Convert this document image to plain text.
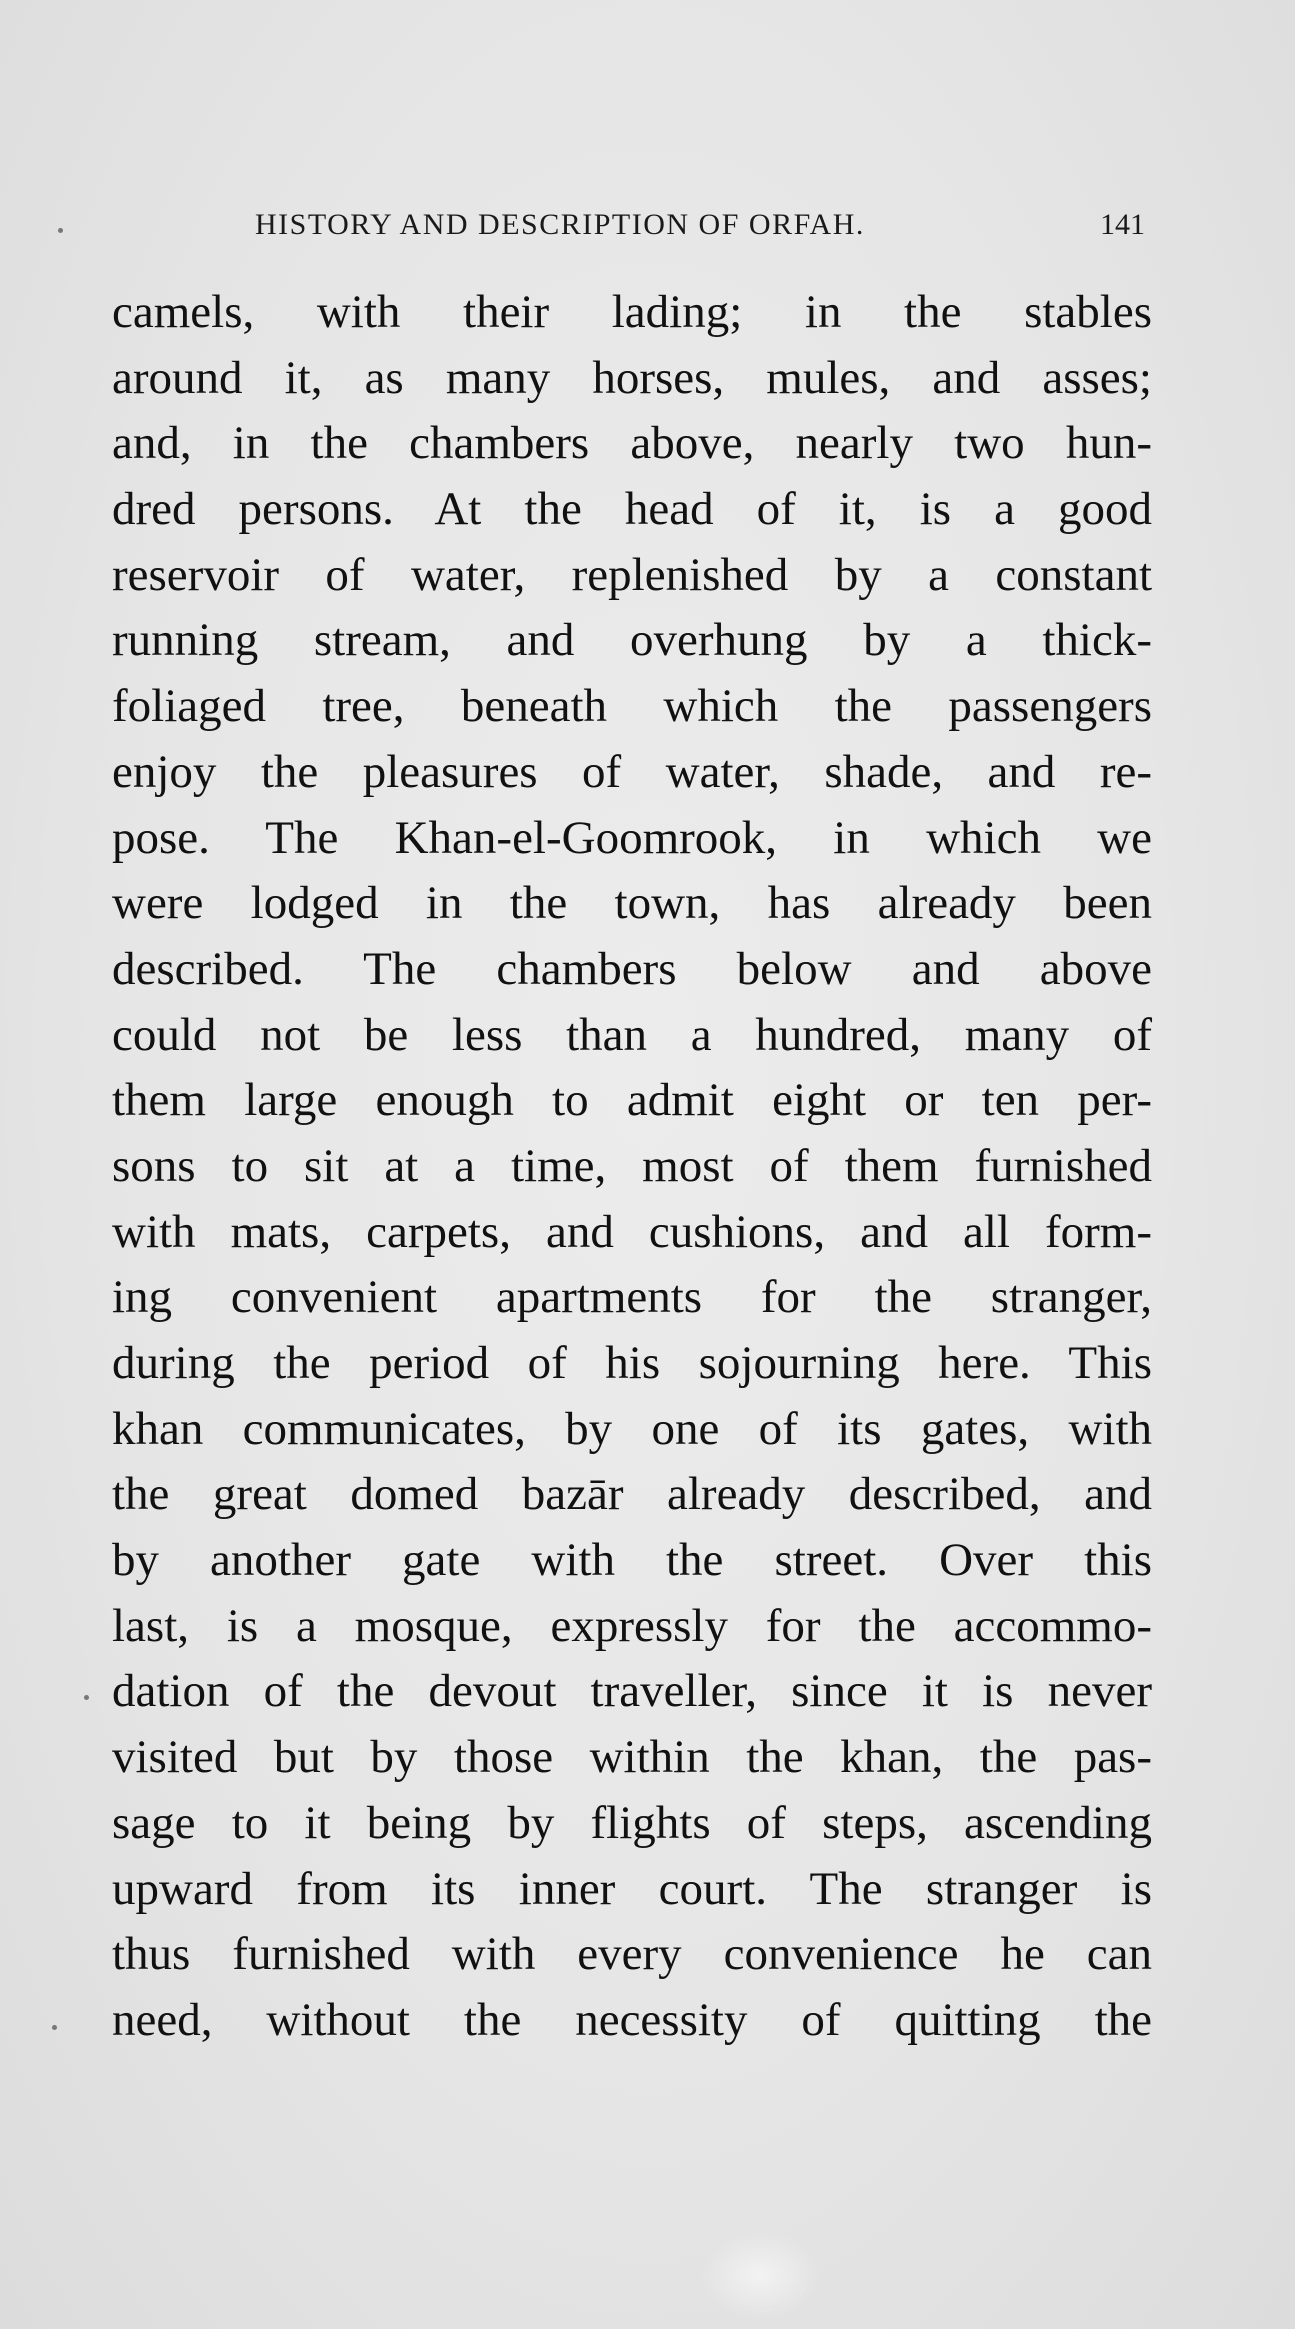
HISTORY AND DESCRIPTION OF ORFAH.	141
camels, with their lading; in the stables
around it, as many horses, mules, and asses;
and, in the chambers above, nearly two hun-
dred persons. At the head of it, is a good
reservoir of water, replenished by a constant
running stream, and overhung by a thick-
foliaged tree, beneath which the passengers
enjoy the pleasures of water, shade, and re-
pose. The Khan-el-Goomrook, in which we
were lodged in the town, has already been
described. The chambers below and above
could not be less than a hundred, many of
them large enough to admit eight or ten per-
sons to sit at a time, most of them furnished
with mats, carpets, and cushions, and all form-
ing convenient apartments for the stranger,
during the period of his sojourning here. This
khan communicates, by one of its gates, with
the great domed bazār already described, and
by another gate with the street. Over this
last, is a mosque, expressly for the accommo-
dation of the devout traveller, since it is never
visited but by those within the khan, the pas-
sage to it being by flights of steps, ascending
upward from its inner court. The stranger is
thus furnished with every convenience he can
need, without the necessity of quitting the
